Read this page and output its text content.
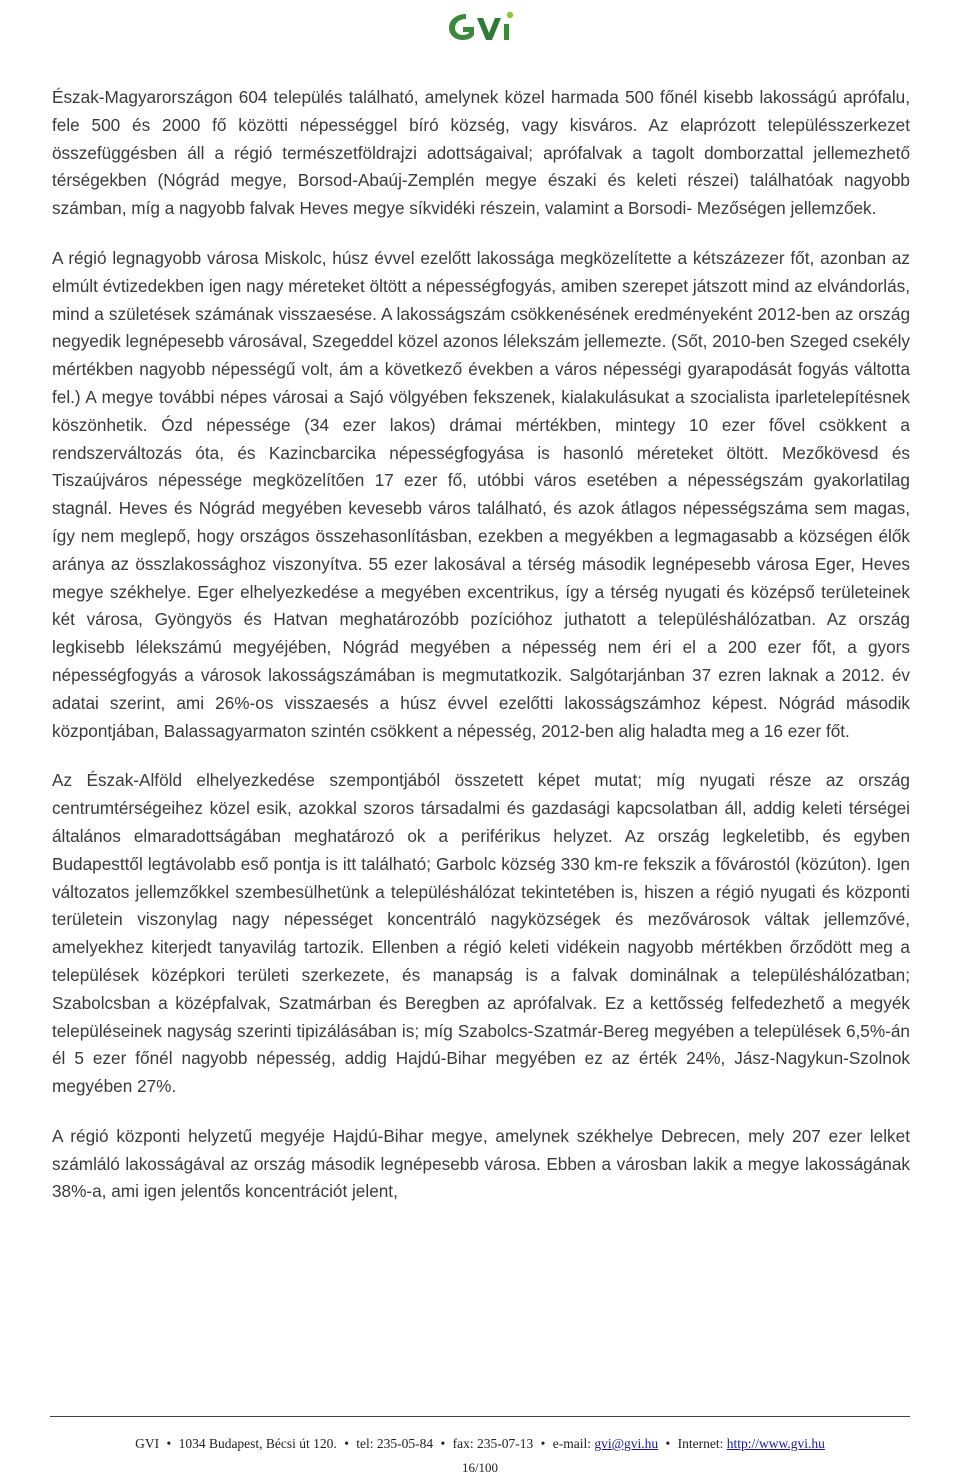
Észak-Magyarországon 604 település található, amelynek közel harmada 500 főnél kisebb lakosságú aprófalu, fele 500 és 2000 fő közötti népességgel bíró község, vagy kisváros. Az elaprózott településszerkezet összefüggésben áll a régió természetföldrajzi adottságaival; aprófalvak a tagolt domborzattal jellemezhető térségekben (Nógrád megye, Borsod-Abaúj-Zemplén megye északi és keleti részei) találhatóak nagyobb számban, míg a nagyobb falvak Heves megye síkvidéki részein, valamint a Borsodi- Mezőségen jellemzőek.

A régió legnagyobb városa Miskolc, húsz évvel ezelőtt lakossága megközelítette a kétszázezer főt, azonban az elmúlt évtizedekben igen nagy méreteket öltött a népességfogyás, amiben szerepet játszott mind az elvándorlás, mind a születések számának visszaesése. A lakosságszám csökkenésének eredményeként 2012-ben az ország negyedik legnépesebb városával, Szegeddel közel azonos lélekszám jellemezte. (Sőt, 2010-ben Szeged csekély mértékben nagyobb népességű volt, ám a következő években a város népességi gyarapodását fogyás váltotta fel.) A megye további népes városai a Sajó völgyében fekszenek, kialakulásukat a szocialista iparletelepítésnek köszönhetik. Ózd népessége (34 ezer lakos) drámai mértékben, mintegy 10 ezer fővel csökkent a rendszerváltozás óta, és Kazincbarcika népességfogyása is hasonló méreteket öltött. Mezőkövesd és Tiszaújváros népessége megközelítően 17 ezer fő, utóbbi város esetében a népességszám gyakorlatilag stagnál. Heves és Nógrád megyében kevesebb város található, és azok átlagos népességszáma sem magas, így nem meglepő, hogy országos összehasonlításban, ezekben a megyékben a legmagasabb a községen élők aránya az összlakossághoz viszonyítva. 55 ezer lakosával a térség második legnépesebb városa Eger, Heves megye székhelye. Eger elhelyezkedése a megyében excentrikus, így a térség nyugati és középső területeinek két városa, Gyöngyös és Hatvan meghatározóbb pozícióhoz juthatott a településhálózatban. Az ország legkisebb lélekszámú megyéjében, Nógrád megyében a népesség nem éri el a 200 ezer főt, a gyors népességfogyás a városok lakosságszámában is megmutatkozik. Salgótarjánban 37 ezren laknak a 2012. év adatai szerint, ami 26%-os visszaesés a húsz évvel ezelőtti lakosságszámhoz képest. Nógrád második központjában, Balassagyarmaton szintén csökkent a népesség, 2012-ben alig haladta meg a 16 ezer főt.

Az Észak-Alföld elhelyezkedése szempontjából összetett képet mutat; míg nyugati része az ország centrumtérségeihez közel esik, azokkal szoros társadalmi és gazdasági kapcsolatban áll, addig keleti térségei általános elmaradottságában meghatározó ok a periférikus helyzet. Az ország legkeletibb, és egyben Budapesttől legtávolabb eső pontja is itt található; Garbolc község 330 km-re fekszik a fővárostól (közúton). Igen változatos jellemzőkkel szembesülhetünk a településhálózat tekintetében is, hiszen a régió nyugati és központi területein viszonylag nagy népességet koncentráló nagyközségek és mezővárosok váltak jellemzővé, amelyekhez kiterjedt tanyavilág tartozik. Ellenben a régió keleti vidékein nagyobb mértékben őrződött meg a települések középkori területi szerkezete, és manapság is a falvak dominálnak a településhálózatban; Szabolcsban a középfalvak, Szatmárban és Beregben az aprófalvak. Ez a kettősség felfedezhető a megyék településeinek nagyság szerinti tipizálásában is; míg Szabolcs-Szatmár-Bereg megyében a települések 6,5%-án él 5 ezer főnél nagyobb népesség, addig Hajdú-Bihar megyében ez az érték 24%, Jász-Nagykun-Szolnok megyében 27%.

A régió központi helyzetű megyéje Hajdú-Bihar megye, amelynek székhelye Debrecen, mely 207 ezer lelket számláló lakosságával az ország második legnépesebb városa. Ebben a városban lakik a megye lakosságának 38%-a, ami igen jelentős koncentrációt jelent,

GVI • 1034 Budapest, Bécsi út 120. • tel: 235-05-84 • fax: 235-07-13 • e-mail: gvi@gvi.hu • Internet: http://www.gvi.hu
16/100
